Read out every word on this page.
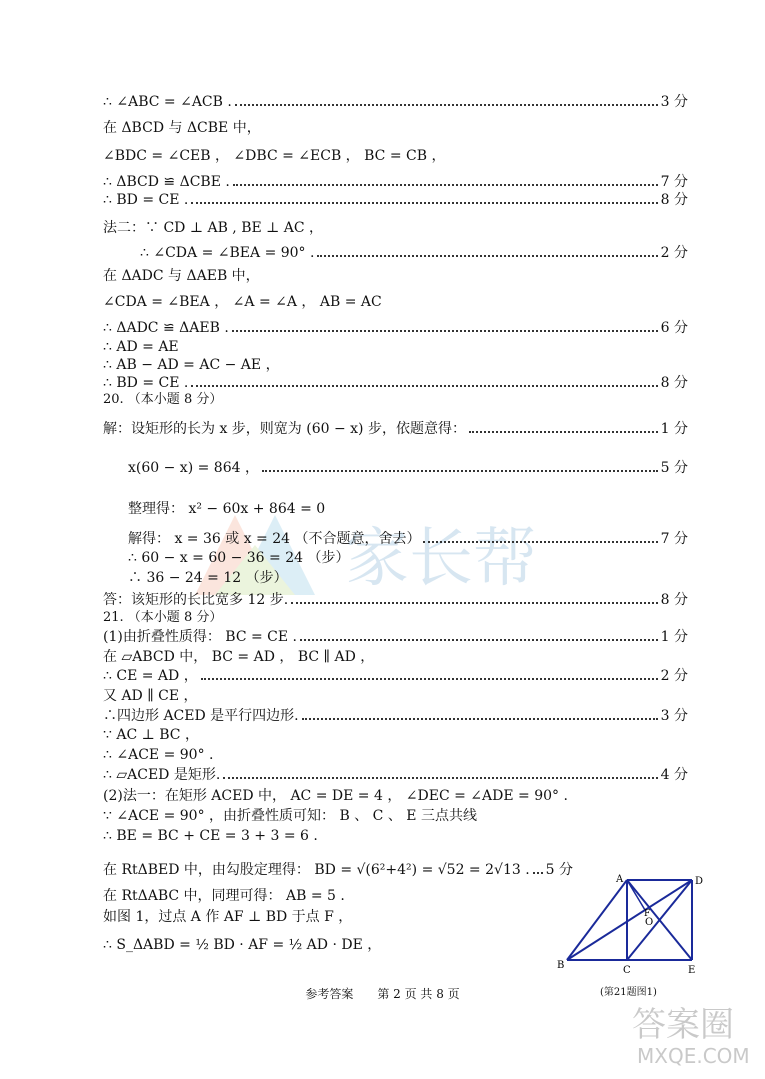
家长帮
∴ ∠ABC = ∠ACB .	3 分
在 ΔBCD 与 ΔCBE 中，
∠BDC = ∠CEB ， ∠DBC = ∠ECB ， BC = CB ，
∴ ΔBCD ≌ ΔCBE .	7 分
∴ BD = CE .	8 分
法二：∵ CD ⊥ AB , BE ⊥ AC ，
∴ ∠CDA = ∠BEA = 90° .	2 分
在 ΔADC 与 ΔAEB 中，
∠CDA = ∠BEA ， ∠A = ∠A ， AB = AC
∴ ΔADC ≌ ΔAEB .	6 分
∴ AD = AE
∴ AB − AD = AC − AE ，
∴ BD = CE .	8 分
20. （本小题 8 分）
解：设矩形的长为 x 步，则宽为 (60 − x) 步，依题意得：	1 分
x(60 − x) = 864 ，	5 分
整理得： x² − 60x + 864 = 0
解得： x = 36 或 x = 24 （不合题意，舍去）	7 分
∴ 60 − x = 60 − 36 = 24 （步）
∴ 36 − 24 = 12 （步）
答：该矩形的长比宽多 12 步.	8 分
21. （本小题 8 分）
(1)由折叠性质得： BC = CE .	1 分
在 ▱ABCD 中， BC = AD ， BC ∥ AD ，
∴ CE = AD ，	2 分
又 AD ∥ CE ，
∴四边形 ACED 是平行四边形.	3 分
∵ AC ⊥ BC ，
∴ ∠ACE = 90° .
∴ ▱ACED 是矩形.	4 分
(2)法一：在矩形 ACED 中， AC = DE = 4 ， ∠DEC = ∠ADE = 90° .
∵ ∠ACE = 90° ，由折叠性质可知： B 、 C 、 E 三点共线
∴ BE = BC + CE = 3 + 3 = 6 .
在 RtΔBED 中，由勾股定理得： BD = √(6²+4²) = √52 = 2√13 . 5 分
在 RtΔABC 中，同理可得： AB = 5 .
如图 1，过点 A 作 AF ⊥ BD 于点 F ，
∴ S_ΔABD = ½ BD · AF = ½ AD · DE ，
A	D
O
F
B	C	E
(第21题图1)
参考答案　　第 2 页 共 8 页
答案圈
MXQE.COM
